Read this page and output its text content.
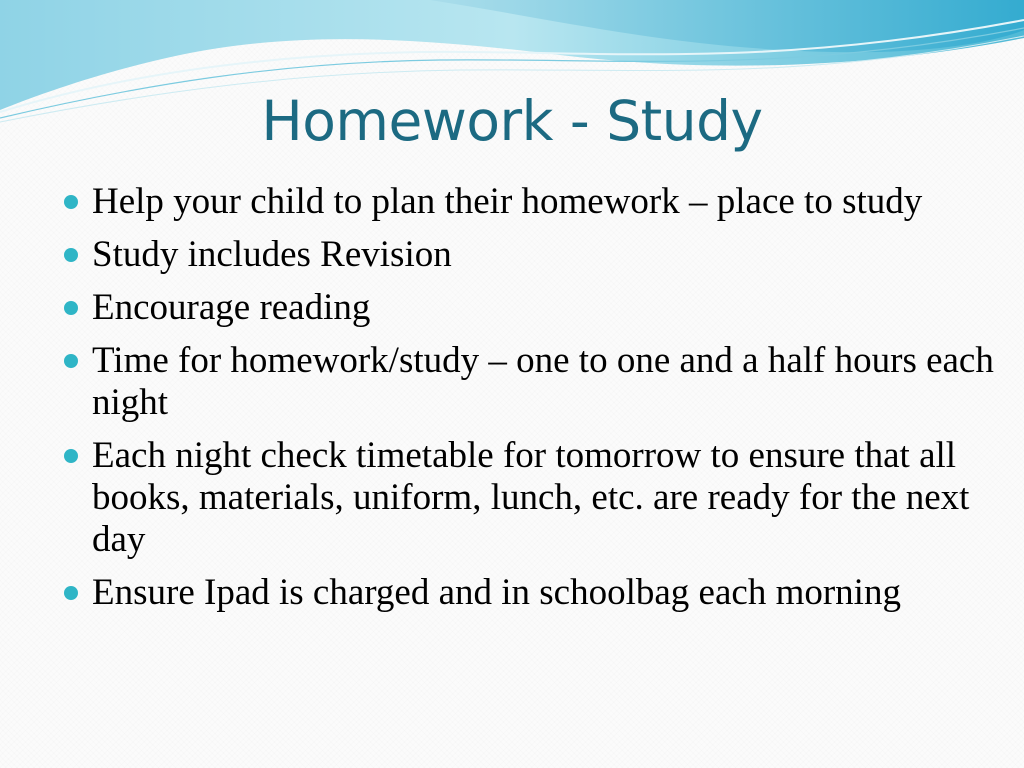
Homework - Study
Help your child to plan their homework – place to study
Study includes Revision
Encourage reading
Time for homework/study – one to one and a half hours each night
Each night check timetable for tomorrow to ensure that all books, materials, uniform, lunch, etc. are ready for the next day
Ensure Ipad is charged and in schoolbag each morning
